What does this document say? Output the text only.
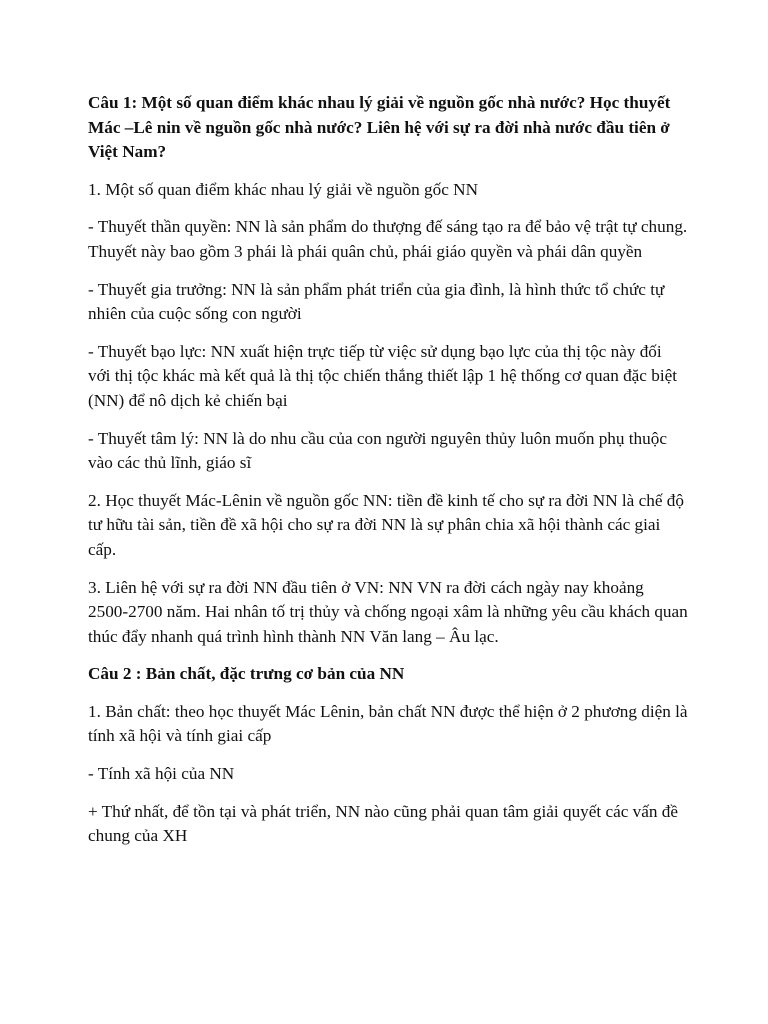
Câu 1: Một số quan điểm khác nhau lý giải về nguồn gốc nhà nước? Học thuyết Mác –Lê nin về nguồn gốc nhà nước? Liên hệ với sự ra đời nhà nước đầu tiên ở Việt Nam?

1. Một số quan điểm khác nhau lý giải về nguồn gốc NN

- Thuyết thần quyền: NN là sản phẩm do thượng đế sáng tạo ra để bảo vệ trật tự chung. Thuyết này bao gồm 3 phái là phái quân chủ, phái giáo quyền và phái dân quyền

- Thuyết gia trưởng: NN là sản phẩm phát triển của gia đình, là hình thức tổ chức tự nhiên của cuộc sống con người

- Thuyết bạo lực: NN xuất hiện trực tiếp từ việc sử dụng bạo lực của thị tộc này đối với thị tộc khác mà kết quả là thị tộc chiến thắng thiết lập 1 hệ thống cơ quan đặc biệt (NN) để nô dịch kẻ chiến bại

- Thuyết tâm lý: NN là do nhu cầu của con người nguyên thủy luôn muốn phụ thuộc vào các thủ lĩnh, giáo sĩ

2. Học thuyết Mác-Lênin về nguồn gốc NN: tiền đề kinh tế cho sự ra đời NN là chế độ tư hữu tài sản, tiền đề xã hội cho sự ra đời NN là sự phân chia xã hội thành các giai cấp.

3. Liên hệ với sự ra đời NN đầu tiên ở VN: NN VN ra đời cách ngày nay khoảng 2500-2700 năm. Hai nhân tố trị thủy và chống ngoại xâm là những yêu cầu khách quan thúc đẩy nhanh quá trình hình thành NN Văn lang – Âu lạc.

Câu 2 : Bản chất, đặc trưng cơ bản của NN

1. Bản chất: theo học thuyết Mác Lênin, bản chất NN được thể hiện ở 2 phương diện là tính xã hội và tính giai cấp

- Tính xã hội của NN

+ Thứ nhất, để tồn tại và phát triển, NN nào cũng phải quan tâm giải quyết các vấn đề chung của XH
